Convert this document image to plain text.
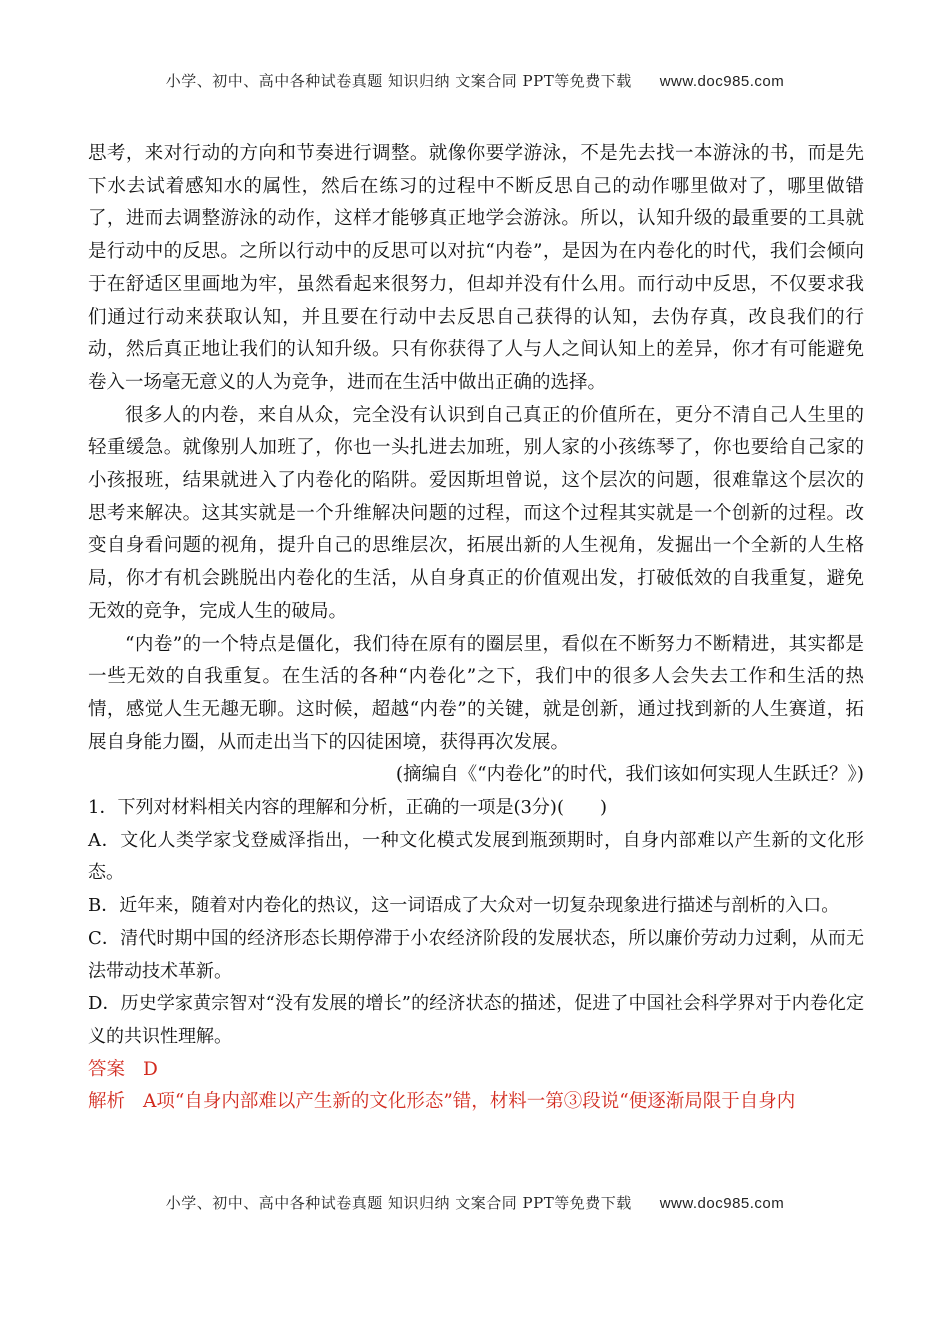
小学、初中、高中各种试卷真题 知识归纳 文案合同 PPT等免费下载 www.doc985.com

思考，来对行动的方向和节奏进行调整。就像你要学游泳，不是先去找一本游泳的书，而是先下水去试着感知水的属性，然后在练习的过程中不断反思自己的动作哪里做对了，哪里做错了，进而去调整游泳的动作，这样才能够真正地学会游泳。所以，认知升级的最重要的工具就是行动中的反思。之所以行动中的反思可以对抗“内卷”，是因为在内卷化的时代，我们会倾向于在舒适区里画地为牢，虽然看起来很努力，但却并没有什么用。而行动中反思，不仅要求我们通过行动来获取认知，并且要在行动中去反思自己获得的认知，去伪存真，改良我们的行动，然后真正地让我们的认知升级。只有你获得了人与人之间认知上的差异，你才有可能避免卷入一场毫无意义的人为竞争，进而在生活中做出正确的选择。

很多人的内卷，来自从众，完全没有认识到自己真正的价值所在，更分不清自己人生里的轻重缓急。就像别人加班了，你也一头扎进去加班，别人家的小孩练琴了，你也要给自己家的小孩报班，结果就进入了内卷化的陷阱。爱因斯坦曾说，这个层次的问题，很难靠这个层次的思考来解决。这其实就是一个升维解决问题的过程，而这个过程其实就是一个创新的过程。改变自身看问题的视角，提升自己的思维层次，拓展出新的人生视角，发掘出一个全新的人生格局，你才有机会跳脱出内卷化的生活，从自身真正的价值观出发，打破低效的自我重复，避免无效的竞争，完成人生的破局。

“内卷”的一个特点是僵化，我们待在原有的圈层里，看似在不断努力不断精进，其实都是一些无效的自我重复。在生活的各种“内卷化”之下，我们中的很多人会失去工作和生活的热情，感觉人生无趣无聊。这时候，超越“内卷”的关键，就是创新，通过找到新的人生赛道，拓展自身能力圈，从而走出当下的囚徒困境，获得再次发展。

(摘编自《“内卷化”的时代，我们该如何实现人生跃迁？》)

1．下列对材料相关内容的理解和分析，正确的一项是(3分)(　　)

A．文化人类学家戈登威泽指出，一种文化模式发展到瓶颈期时，自身内部难以产生新的文化形态。

B．近年来，随着对内卷化的热议，这一词语成了大众对一切复杂现象进行描述与剖析的入口。

C．清代时期中国的经济形态长期停滞于小农经济阶段的发展状态，所以廉价劳动力过剩，从而无法带动技术革新。

D．历史学家黄宗智对“没有发展的增长”的经济状态的描述，促进了中国社会科学界对于内卷化定义的共识性理解。

答案 D

解析 A项“自身内部难以产生新的文化形态”错，材料一第③段说“便逐渐局限于自身内

小学、初中、高中各种试卷真题 知识归纳 文案合同 PPT等免费下载 www.doc985.com
